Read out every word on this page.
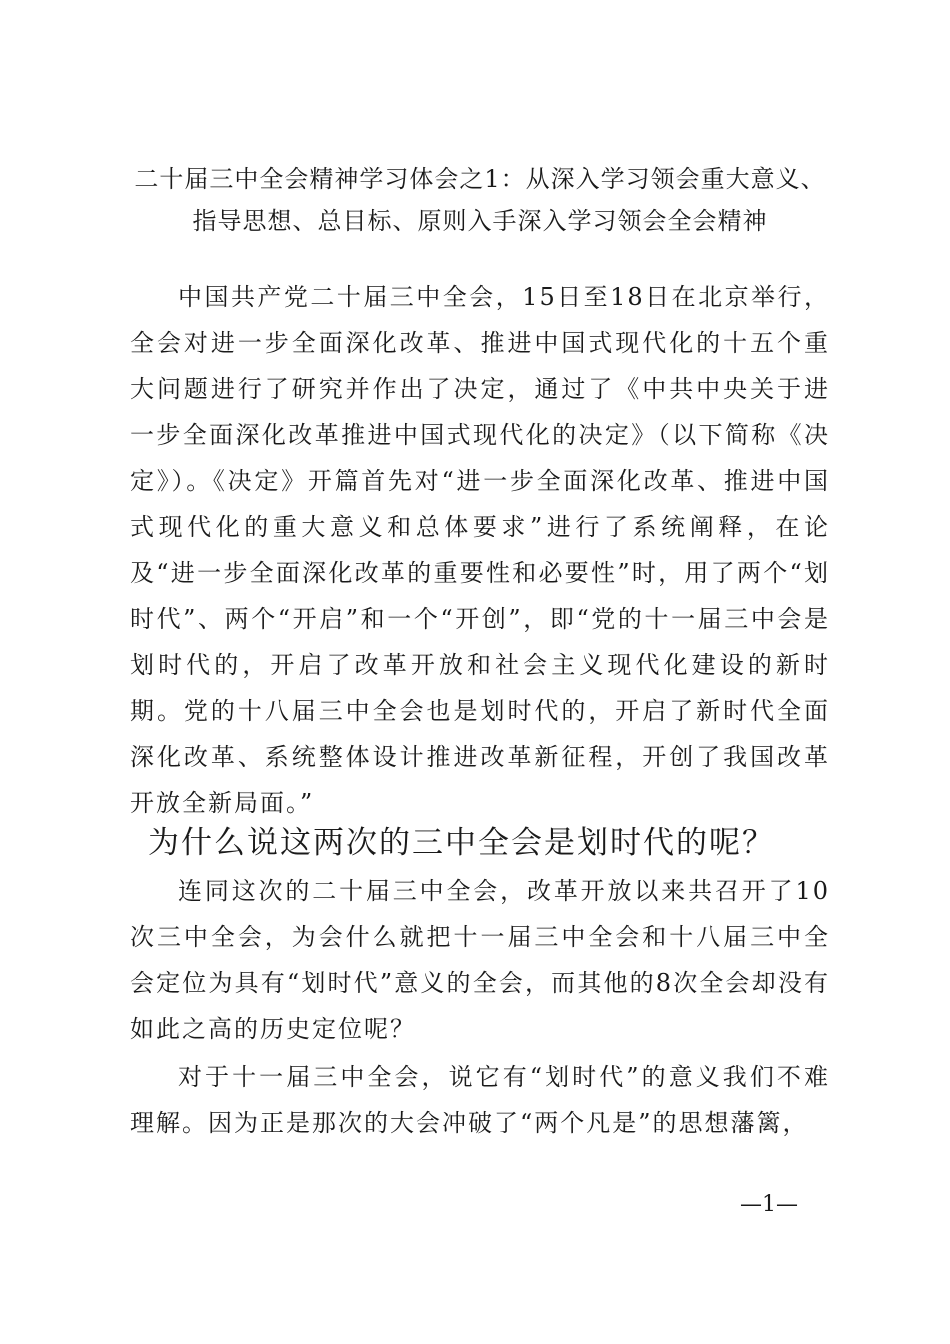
二十届三中全会精神学习体会之1：从深入学习领会重大意义、
指导思想、总目标、原则入手深入学习领会全会精神

中国共产党二十届三中全会，15日至18日在北京举行，全会对进一步全面深化改革、推进中国式现代化的十五个重大问题进行了研究并作出了决定，通过了《中共中央关于进一步全面深化改革推进中国式现代化的决定》（以下简称《决定》）。《决定》开篇首先对“进一步全面深化改革、推进中国式现代化的重大意义和总体要求”进行了系统阐释，在论及“进一步全面深化改革的重要性和必要性”时，用了两个“划时代”、两个“开启”和一个“开创”，即“党的十一届三中会是划时代的，开启了改革开放和社会主义现代化建设的新时期。党的十八届三中全会也是划时代的，开启了新时代全面深化改革、系统整体设计推进改革新征程，开创了我国改革开放全新局面。”

为什么说这两次的三中全会是划时代的呢？

连同这次的二十届三中全会，改革开放以来共召开了10次三中全会，为会什么就把十一届三中全会和十八届三中全会定位为具有“划时代”意义的全会，而其他的8次全会却没有如此之高的历史定位呢？

对于十一届三中全会，说它有“划时代”的意义我们不难理解。因为正是那次的大会冲破了“两个凡是”的思想藩篱，

—1—
